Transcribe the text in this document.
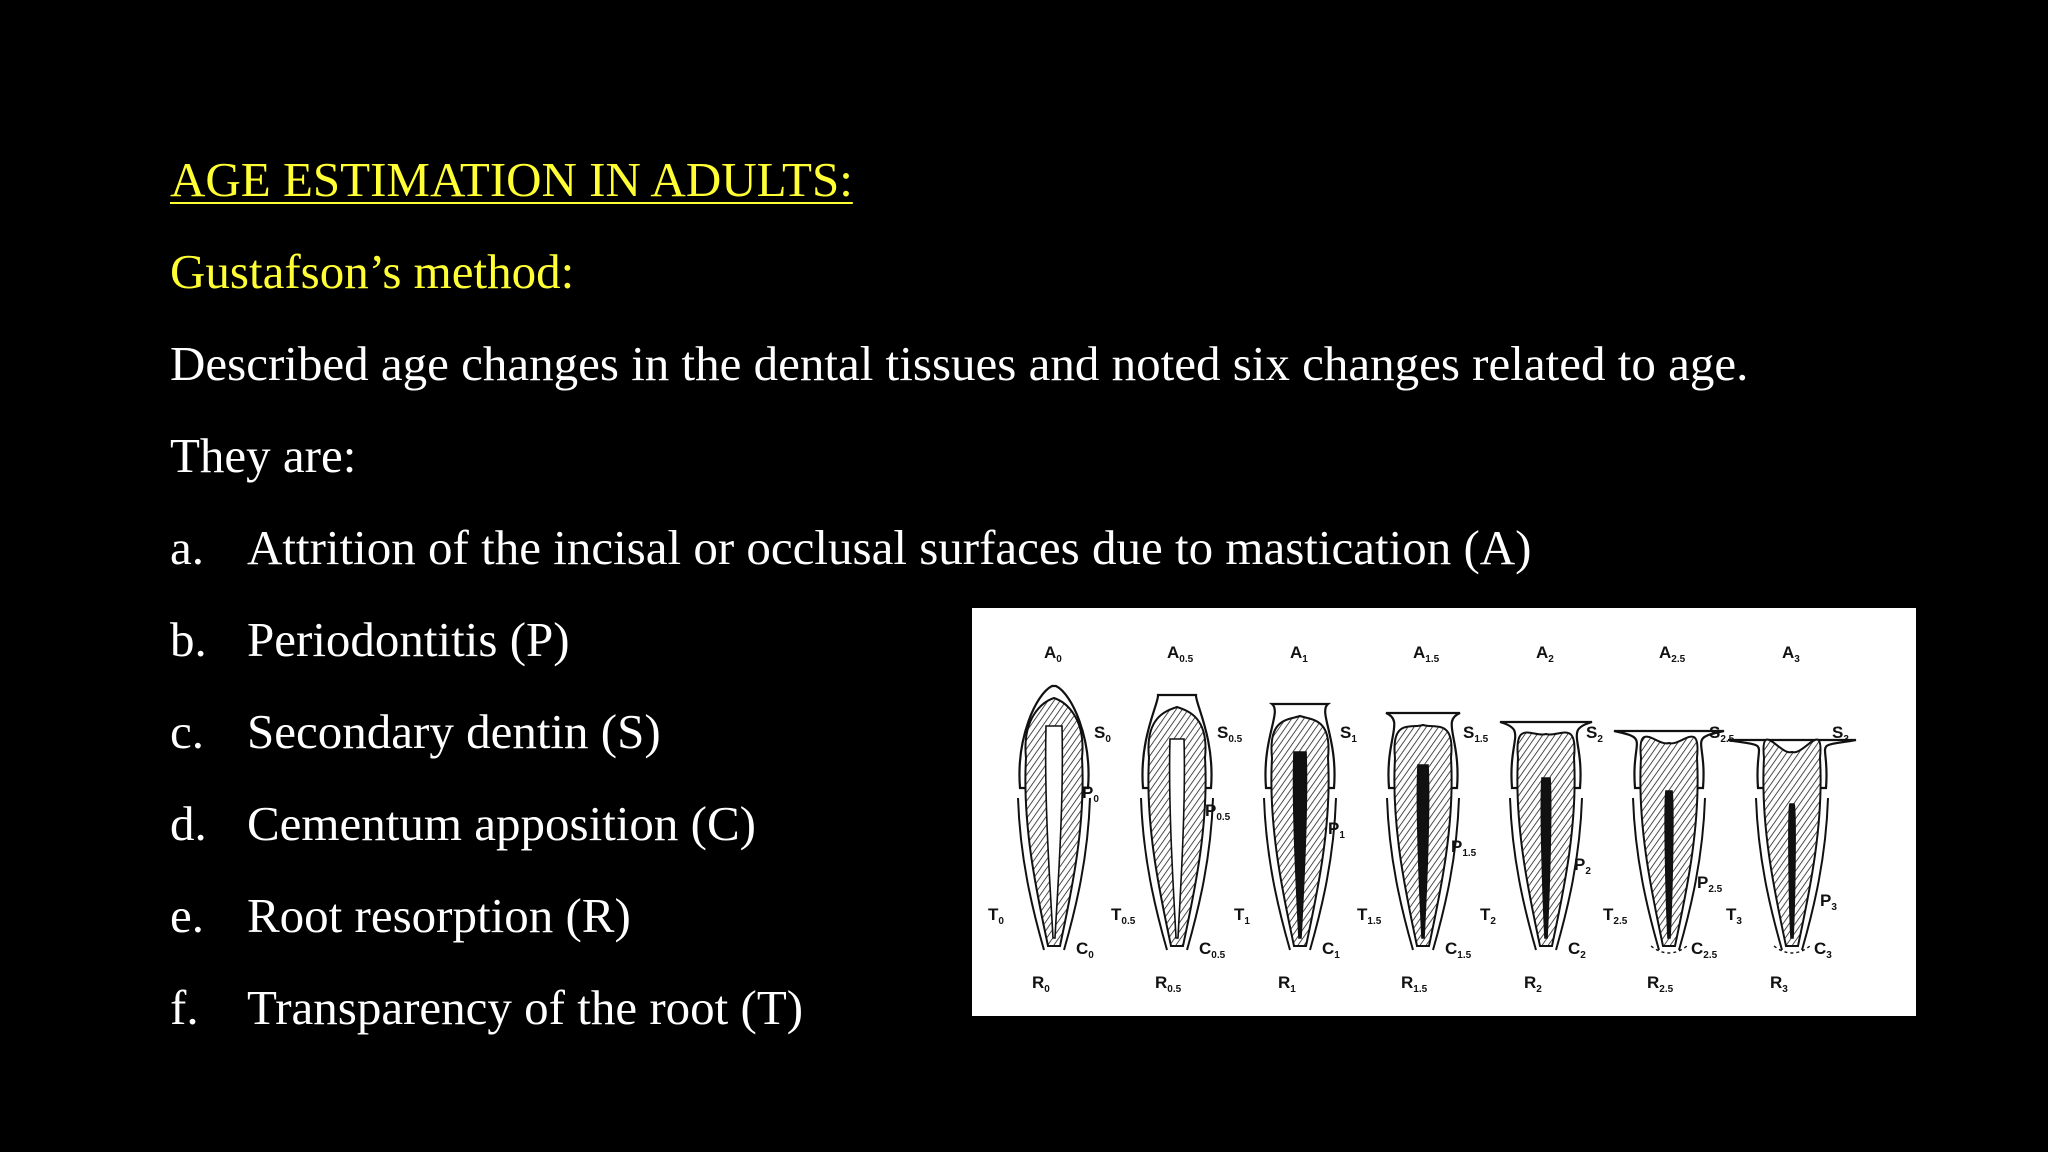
AGE ESTIMATION IN ADULTS:
Gustafson’s method:
Described age changes in the dental tissues and noted six changes related to age.
They are:
a. Attrition of the incisal or occlusal surfaces due to mastication (A)
b. Periodontitis (P)
c. Secondary dentin (S)
d. Cementum apposition (C)
e. Root resorption (R)
f. Transparency of the root (T)
$A_0$
$S_0$
$P_0$
$T_0$
$C_0$
$R_0$
$A_{0.5}$
$S_{0.5}$
$P_{0.5}$
$T_{0.5}$
$C_{0.5}$
$R_{0.5}$
$A_1$
$S_1$
$P_1$
$T_1$
$C_1$
$R_1$
$A_{1.5}$
$S_{1.5}$
$P_{1.5}$
$T_{1.5}$
$C_{1.5}$
$R_{1.5}$
$A_2$
$S_2$
$P_2$
$T_2$
$C_2$
$R_2$
$A_{2.5}$
$S_{2.5}$
$P_{2.5}$
$T_{2.5}$
$C_{2.5}$
$R_{2.5}$
$A_3$
$S_3$
$P_3$
$T_3$
$C_3$
$R_3$
